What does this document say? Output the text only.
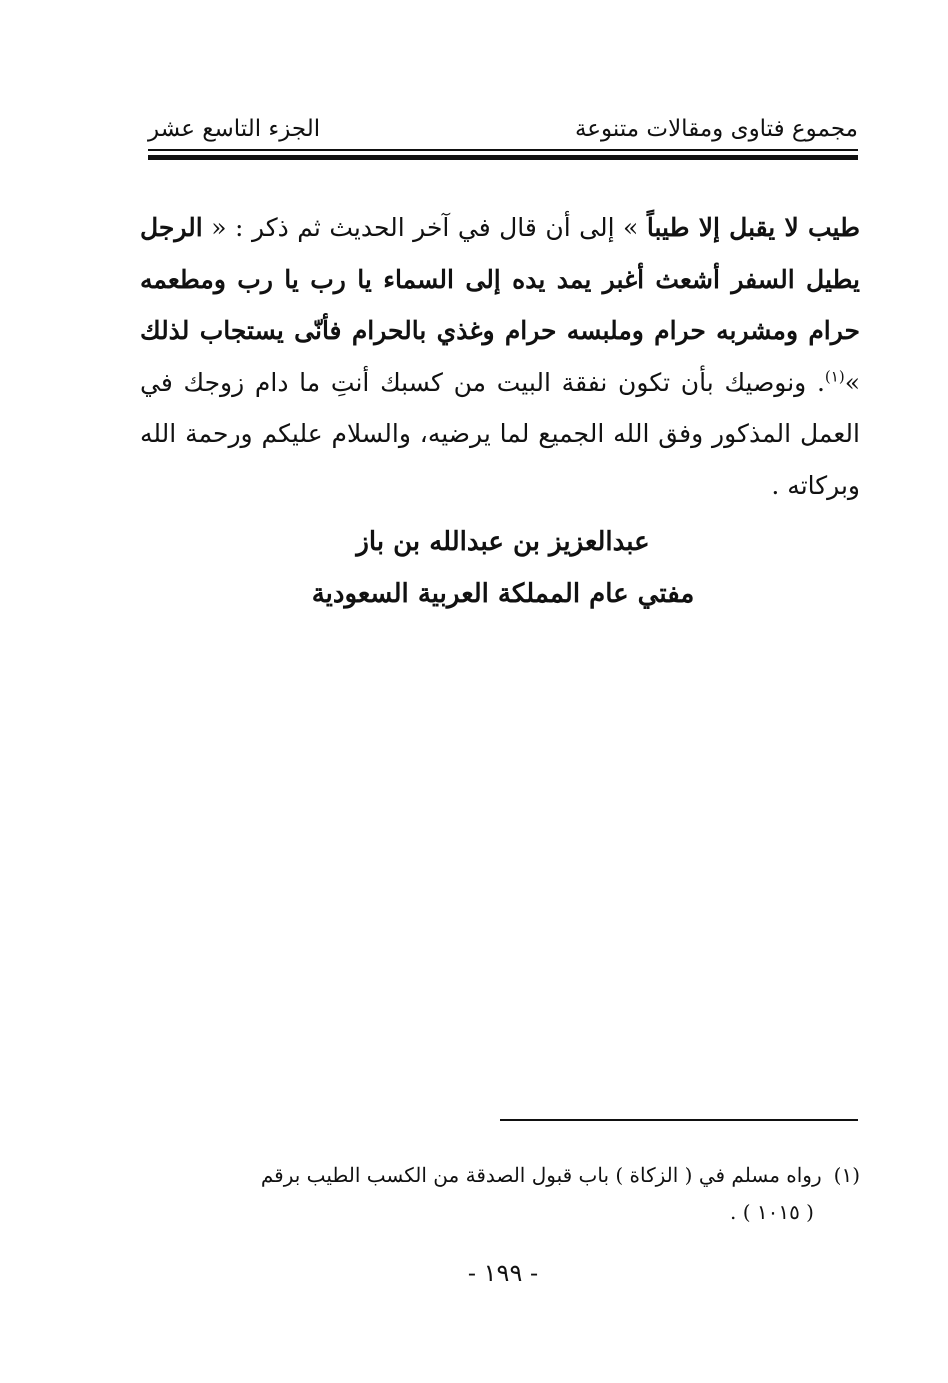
مجموع فتاوى ومقالات متنوعة
الجزء التاسع عشر
طيب لا يقبل إلا طيباً » إلى أن قال في آخر الحديث ثم ذكر : « الرجل يطيل السفر أشعث أغبر يمد يده إلى السماء يا رب يا رب ومطعمه حرام ومشربه حرام وملبسه حرام وغذي بالحرام فأنّى يستجاب لذلك »$^{(١)}$. ونوصيك بأن تكون نفقة البيت من كسبك أنتِ ما دام زوجك في العمل المذكور وفق الله الجميع لما يرضيه، والسلام عليكم ورحمة الله وبركاته .
عبدالعزيز بن عبدالله بن باز
مفتي عام المملكة العربية السعودية
(١)رواه مسلم في ( الزكاة ) باب قبول الصدقة من الكسب الطيب برقم
( ١٠١٥ ) .
- ١٩٩ -
